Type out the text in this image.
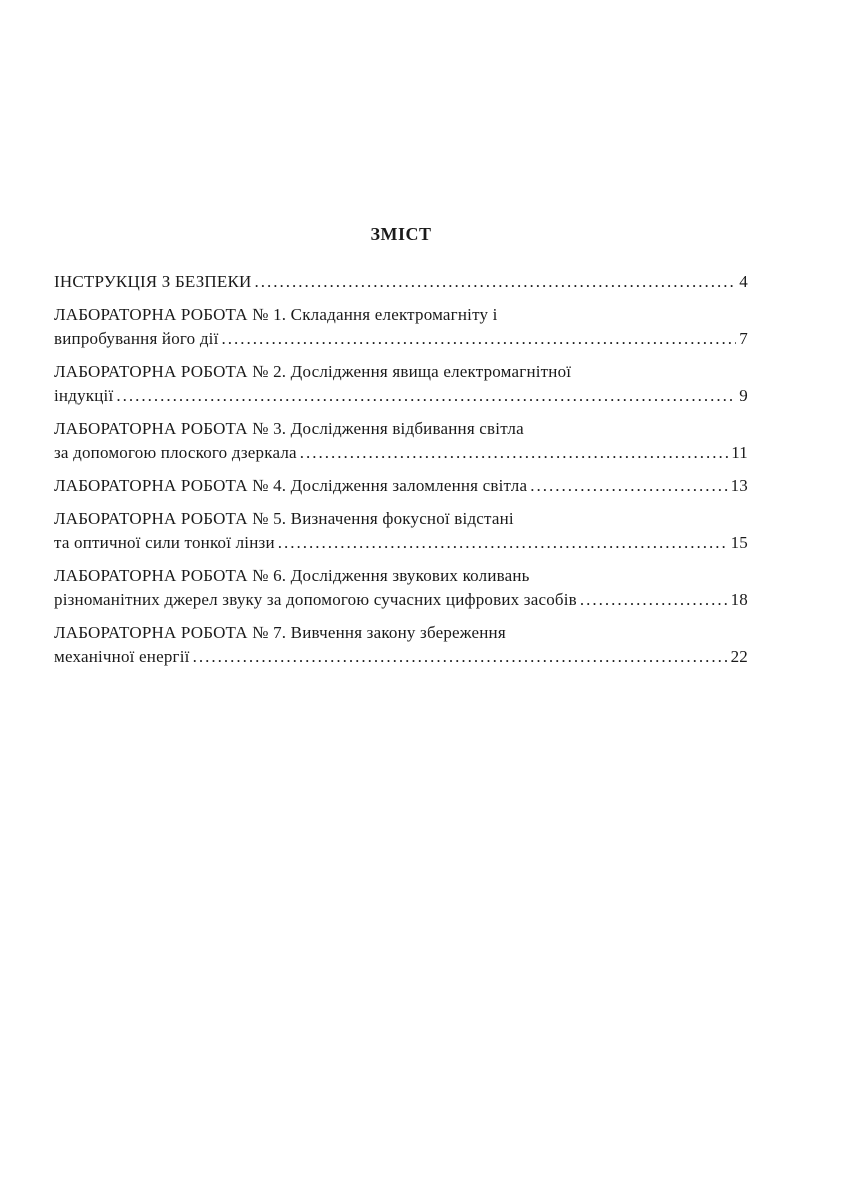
ЗМІСТ
ІНСТРУКЦІЯ З БЕЗПЕКИ .....	4
ЛАБОРАТОРНА РОБОТА № 1. Складання електромагніту і
випробування його дії .....	7
ЛАБОРАТОРНА РОБОТА № 2. Дослідження явища електромагнітної
індукції .....	9
ЛАБОРАТОРНА РОБОТА № 3. Дослідження відбивання світла
за допомогою плоского дзеркала .....	11
ЛАБОРАТОРНА РОБОТА № 4. Дослідження заломлення світла .....	13
ЛАБОРАТОРНА РОБОТА № 5. Визначення фокусної відстані
та оптичної сили тонкої лінзи .....	15
ЛАБОРАТОРНА РОБОТА № 6. Дослідження звукових коливань
різноманітних джерел звуку за допомогою сучасних цифрових засобів .....	18
ЛАБОРАТОРНА РОБОТА № 7. Вивчення закону збереження
механічної енергії .....	22
